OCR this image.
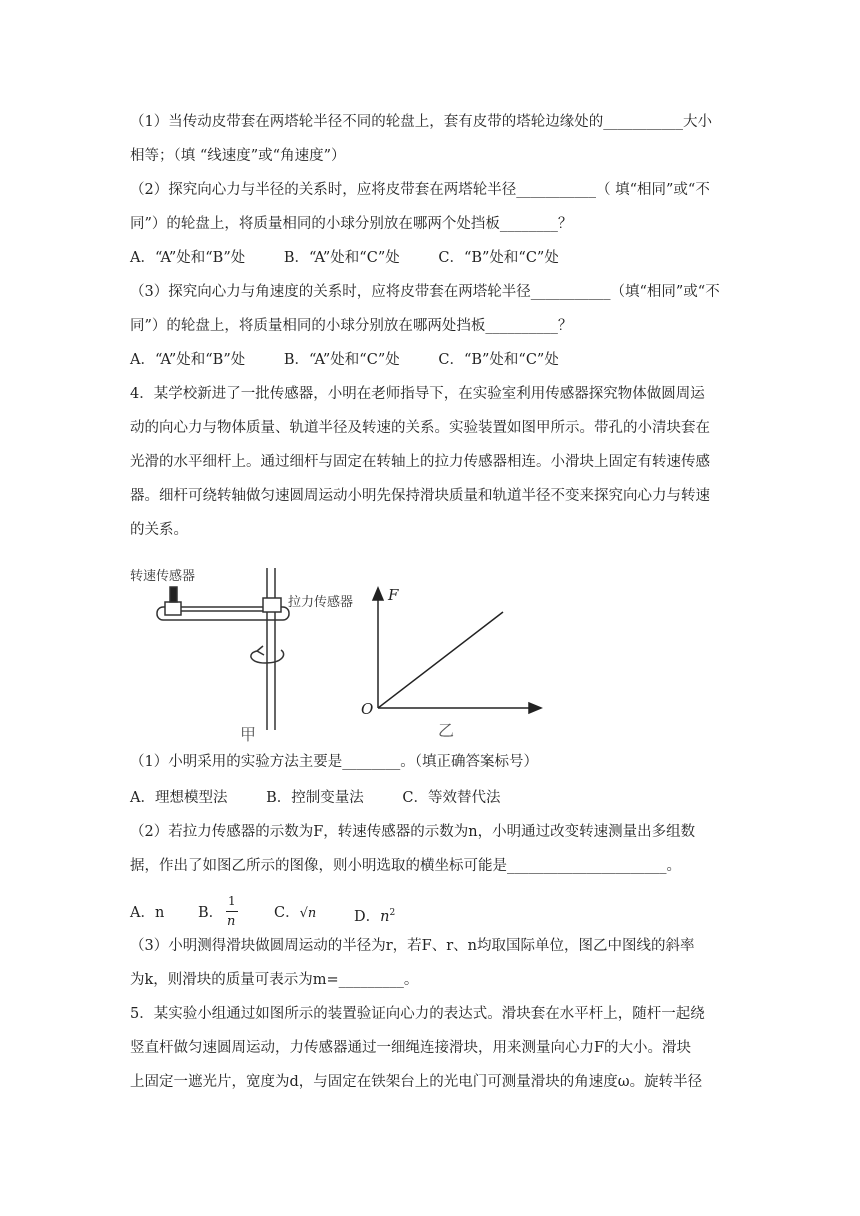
（1）当传动皮带套在两塔轮半径不同的轮盘上，套有皮带的塔轮边缘处的___________大小
相等；（填 “线速度”或“角速度”）
（2）探究向心力与半径的关系时，应将皮带套在两塔轮半径___________（ 填“相同”或“不
同”）的轮盘上，将质量相同的小球分别放在哪两个处挡板________？
A．“A”处和“B”处	B．“A”处和“C”处	C．“B”处和“C”处
（3）探究向心力与角速度的关系时，应将皮带套在两塔轮半径___________（填“相同”或“不
同”）的轮盘上，将质量相同的小球分别放在哪两处挡板__________？
A．“A”处和“B”处	B．“A”处和“C”处	C．“B”处和“C”处
4．某学校新进了一批传感器，小明在老师指导下，在实验室利用传感器探究物体做圆周运
动的向心力与物体质量、轨道半径及转速的关系。实验装置如图甲所示。带孔的小清块套在
光滑的水平细杆上。通过细杆与固定在转轴上的拉力传感器相连。小滑块上固定有转速传感
器。细杆可绕转轴做匀速圆周运动小明先保持滑块质量和轨道半径不变来探究向心力与转速
的关系。
转速传感器
拉力传感器
甲
F
O
乙
（1）小明采用的实验方法主要是________。（填正确答案标号）
A．理想模型法	B．控制变量法	C．等效替代法
（2）若拉力传感器的示数为F，转速传感器的示数为n，小明通过改变转速测量出多组数
据，作出了如图乙所示的图像，则小明选取的横坐标可能是______________________。
A．n	B．
1
n
C．√n	D．$n^2$
（3）小明测得滑块做圆周运动的半径为r，若F、r、n均取国际单位，图乙中图线的斜率
为k，则滑块的质量可表示为m=_________。
5．某实验小组通过如图所示的装置验证向心力的表达式。滑块套在水平杆上，随杆一起绕
竖直杆做匀速圆周运动，力传感器通过一细绳连接滑块，用来测量向心力F的大小。滑块
上固定一遮光片，宽度为d，与固定在铁架台上的光电门可测量滑块的角速度ω。旋转半径
